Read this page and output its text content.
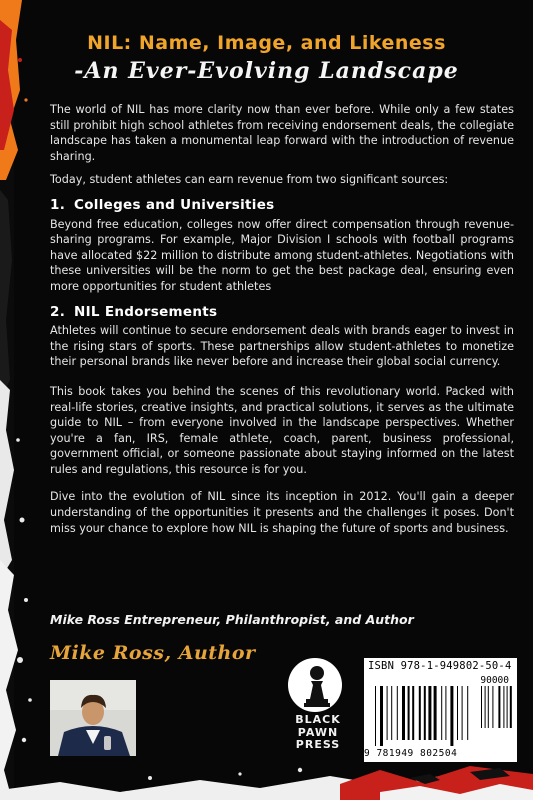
NIL: Name, Image, and Likeness
-An Ever-Evolving Landscape

The world of NIL has more clarity now than ever before. While only a few states still prohibit high school athletes from receiving endorsement deals, the collegiate landscape has taken a monumental leap forward with the introduction of revenue sharing.

Today, student athletes can earn revenue from two significant sources:

1. Colleges and Universities

Beyond free education, colleges now offer direct compensation through revenue-sharing programs. For example, Major Division I schools with football programs have allocated $22 million to distribute among student-athletes. Negotiations with these universities will be the norm to get the best package deal, ensuring even more opportunities for student athletes

2. NIL Endorsements

Athletes will continue to secure endorsement deals with brands eager to invest in the rising stars of sports. These partnerships allow student-athletes to monetize their personal brands like never before and increase their global social currency.

This book takes you behind the scenes of this revolutionary world. Packed with real-life stories, creative insights, and practical solutions, it serves as the ultimate guide to NIL – from everyone involved in the landscape perspectives. Whether you're a fan, IRS, female athlete, coach, parent, business professional, government official, or someone passionate about staying informed on the latest rules and regulations, this resource is for you.

Dive into the evolution of NIL since its inception in 2012. You'll gain a deeper understanding of the opportunities it presents and the challenges it poses. Don't miss your chance to explore how NIL is shaping the future of sports and business.

Mike Ross Entrepreneur, Philanthropist, and Author
Mike Ross, Author
BLACK
PAWN
PRESS
ISBN 978-1-949802-50-4
90000
9 781949 802504
